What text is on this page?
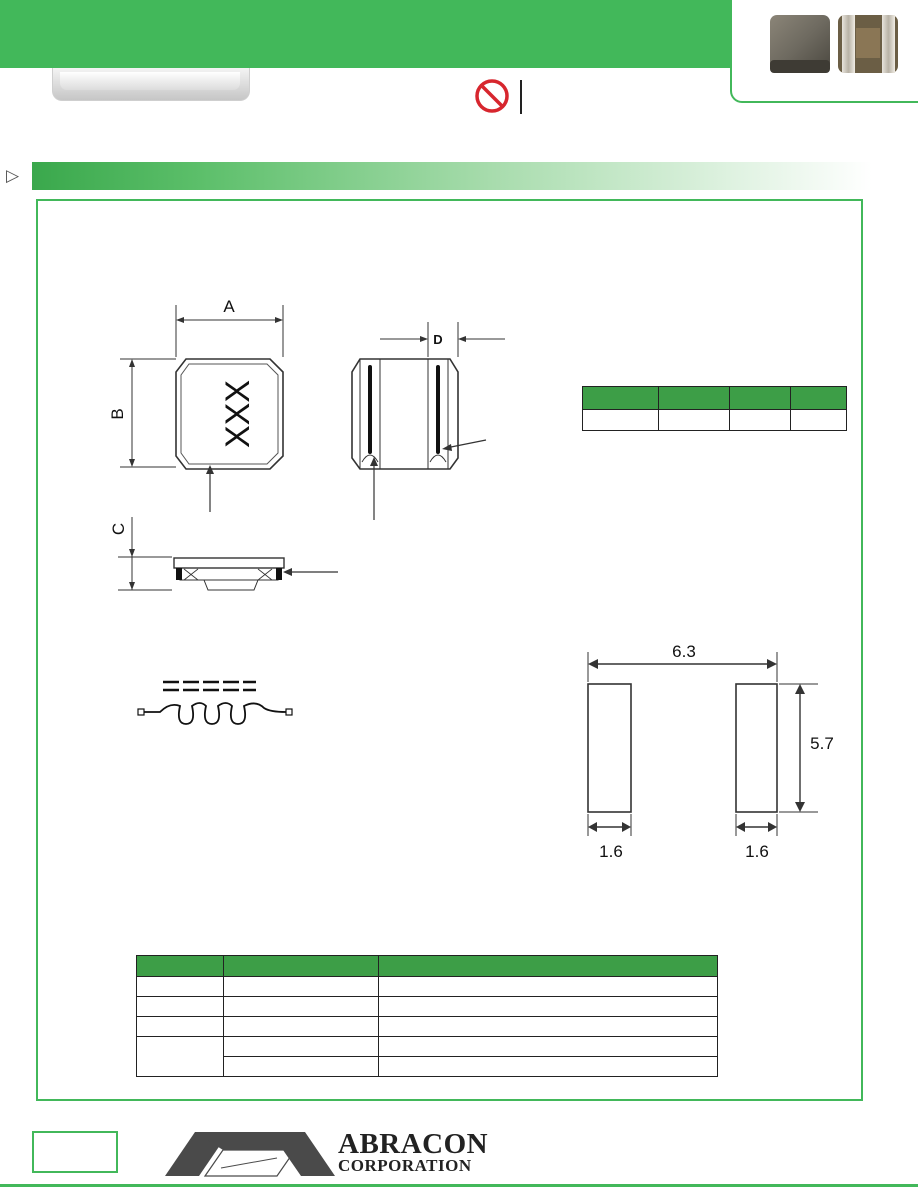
▷
XXX
A
B
D
C
6.3
5.7
1.6	1.6

ABRACON
CORPORATION
